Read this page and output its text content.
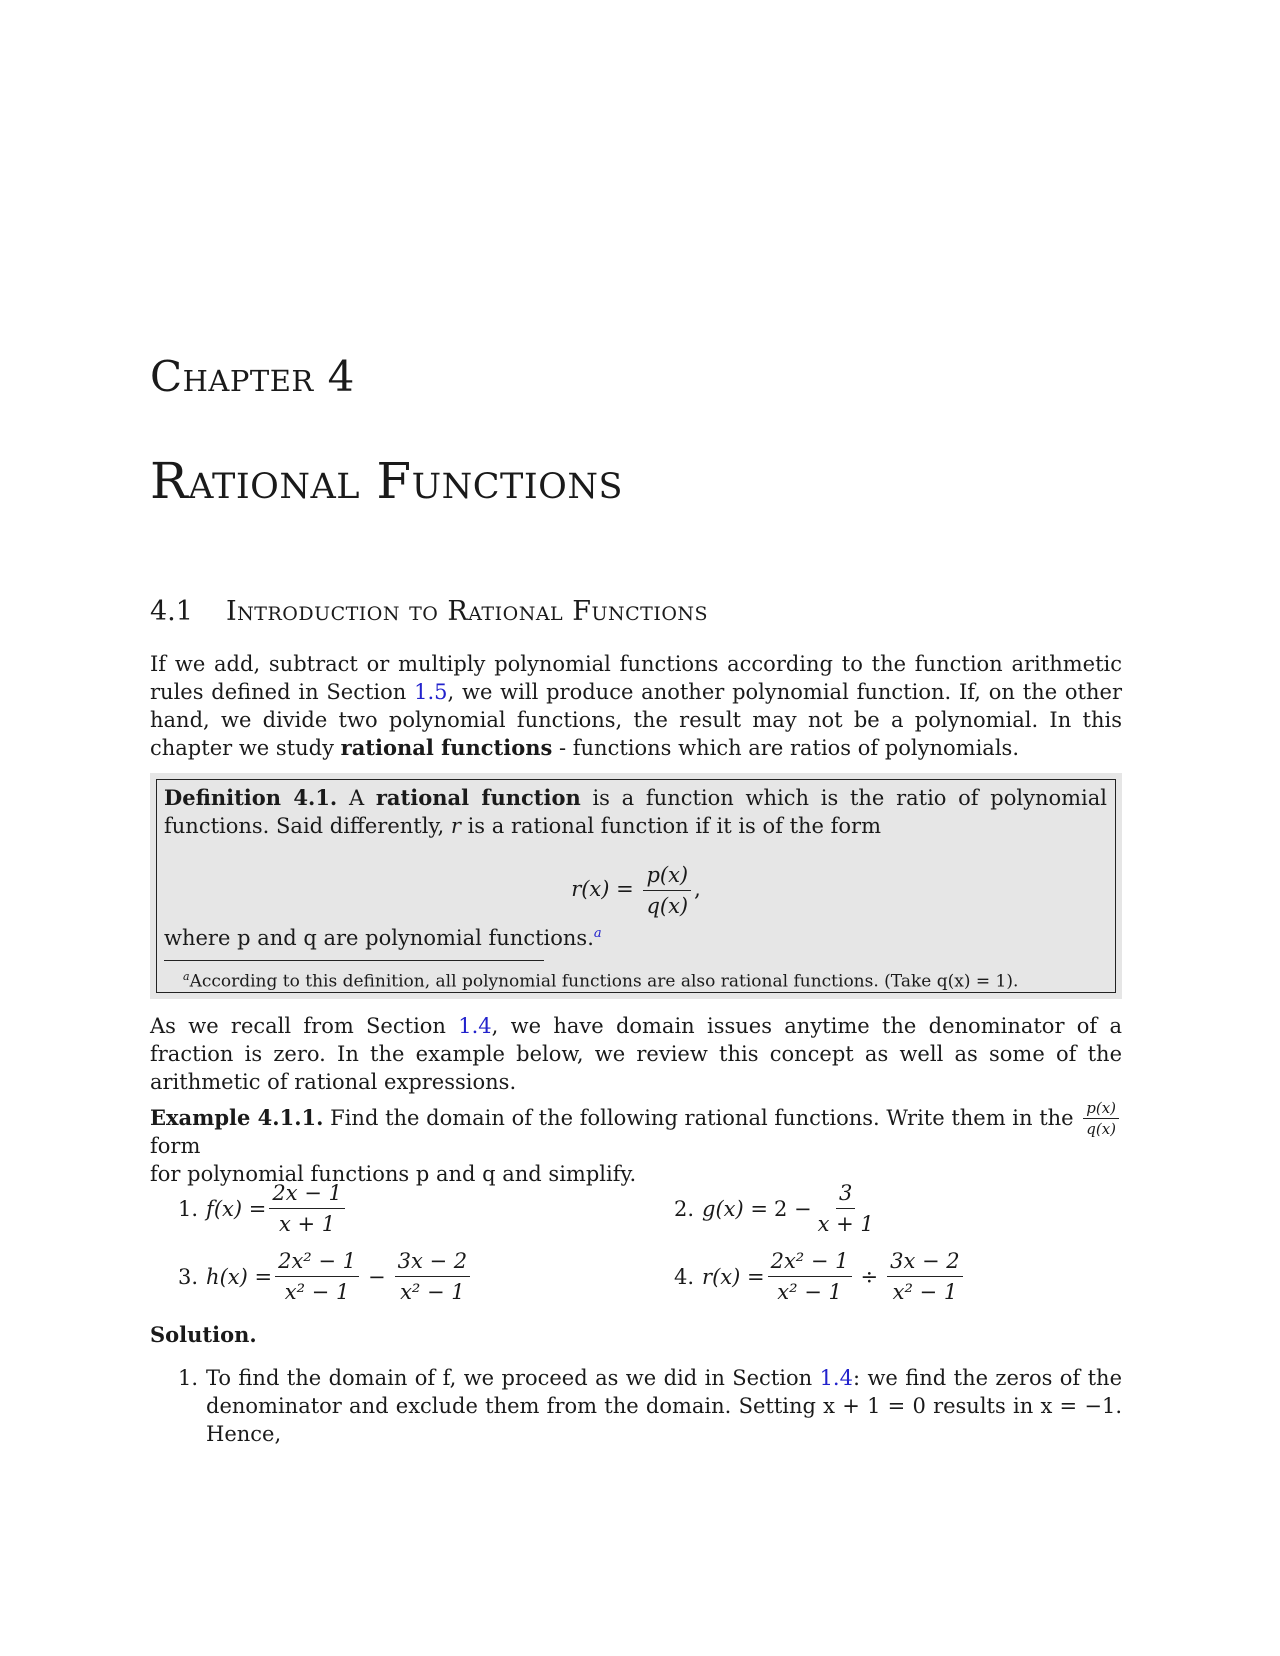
Chapter 4
Rational Functions
4.1 Introduction to Rational Functions

If we add, subtract or multiply polynomial functions according to the function arithmetic rules defined in Section 1.5, we will produce another polynomial function. If, on the other hand, we divide two polynomial functions, the result may not be a polynomial. In this chapter we study rational functions - functions which are ratios of polynomials.

Definition 4.1. A rational function is a function which is the ratio of polynomial functions. Said differently, r is a rational function if it is of the form

$r(x) = \frac{p(x)}{q(x)}$ ,

where p and q are polynomial functions.$^a$

$^a$According to this definition, all polynomial functions are also rational functions. (Take q(x) = 1).

As we recall from Section 1.4, we have domain issues anytime the denominator of a fraction is zero. In the example below, we review this concept as well as some of the arithmetic of rational expressions.

Example 4.1.1. Find the domain of the following rational functions. Write them in the form
$\frac{p(x)}{q(x)}$

for polynomial functions p and q and simplify.

1. $f(x) = \frac{2x - 1}{x + 1}$	2. $g(x) = 2 - \frac{3}{x + 1}$
3. $h(x) = \frac{\text{2x² − 1}}{\text{x² − 1}} - \frac{3x - 2}{\text{x² − 1}}$	4. $r(x) = \frac{\text{2x² − 1}}{\text{x² − 1}} \div \frac{3x - 2}{\text{x² − 1}}$

Solution.

1. To find the domain of f, we proceed as we did in Section 1.4: we find the zeros of the denominator and exclude them from the domain. Setting x + 1 = 0 results in x = −1. Hence,
